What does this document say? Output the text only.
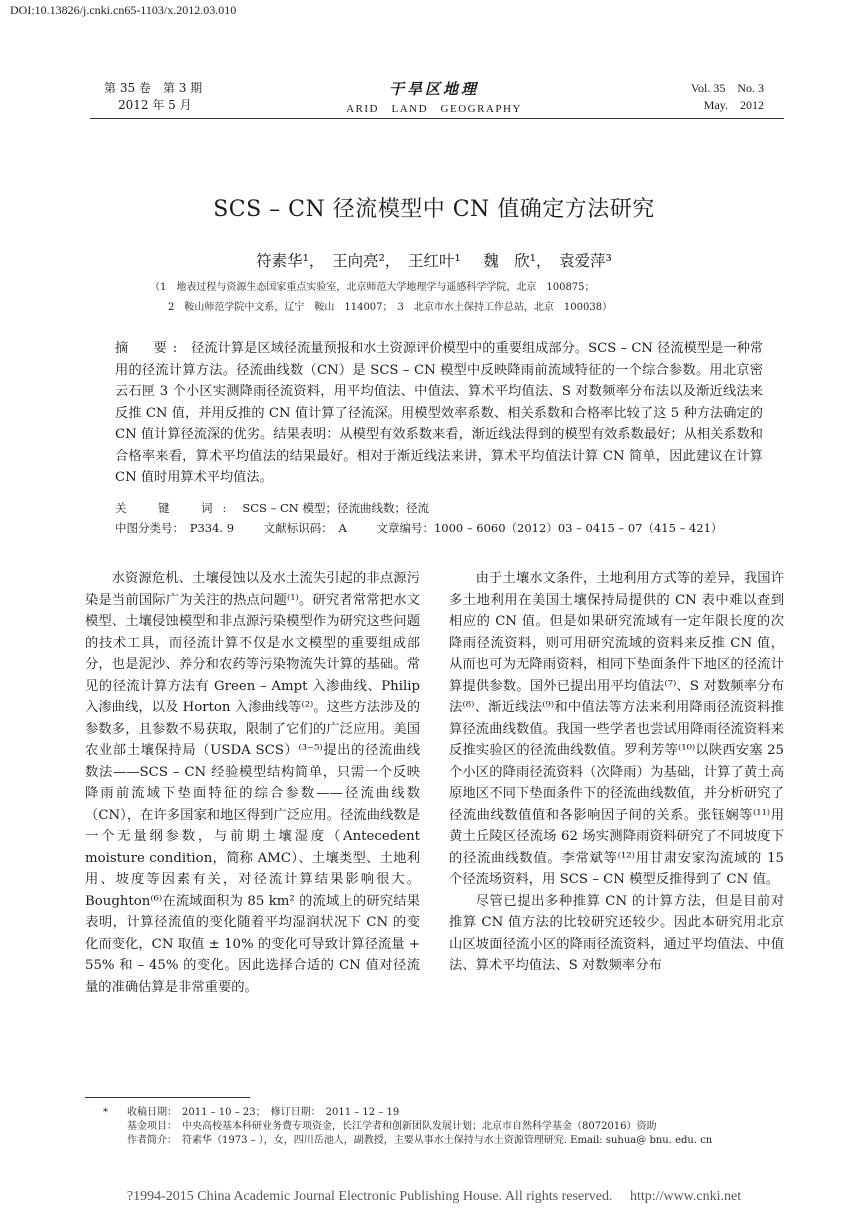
DOI:10.13826/j.cnki.cn65-1103/x.2012.03.010
第 35 卷　第 3 期
2012 年 5 月
干旱区地理
ARID　LAND　GEOGRAPHY
Vol. 35　No. 3
May.　2012
SCS – CN 径流模型中 CN 值确定方法研究
符素华¹，　王向亮²，　王红叶¹　 魏　欣¹，　袁爱萍³
（1　地表过程与资源生态国家重点实验室，北京师范大学地理学与遥感科学学院，北京　100875；
2　鞍山师范学院中文系，辽宁　鞍山　114007；　3　北京市水土保持工作总站，北京　100038）
摘　要: 径流计算是区域径流量预报和水土资源评价模型中的重要组成部分。SCS – CN 径流模型是一种常用的径流计算方法。径流曲线数（CN）是 SCS – CN 模型中反映降雨前流域特征的一个综合参数。用北京密云石匣 3 个小区实测降雨径流资料，用平均值法、中值法、算术平均值法、S 对数频率分布法以及渐近线法来反推 CN 值，并用反推的 CN 值计算了径流深。用模型效率系数、相关系数和合格率比较了这 5 种方法确定的 CN 值计算径流深的优劣。结果表明：从模型有效系数来看，渐近线法得到的模型有效系数最好；从相关系数和合格率来看，算术平均值法的结果最好。相对于渐近线法来讲，算术平均值法计算 CN 简单，因此建议在计算 CN 值时用算术平均值法。
关　键　词: SCS – CN 模型；径流曲线数；径流
中图分类号：　P334. 9	文献标识码：　A	文章编号：1000 – 6060（2012）03 – 0415 – 07（415 – 421）

水资源危机、土壤侵蚀以及水土流失引起的非点源污染是当前国际广为关注的热点问题⁽¹⁾。研究者常常把水文模型、土壤侵蚀模型和非点源污染模型作为研究这些问题的技术工具，而径流计算不仅是水文模型的重要组成部分，也是泥沙、养分和农药等污染物流失计算的基础。常见的径流计算方法有 Green – Ampt 入渗曲线、Philip 入渗曲线，以及 Horton 入渗曲线等⁽²⁾。这些方法涉及的参数多，且参数不易获取，限制了它们的广泛应用。美国农业部土壤保持局（USDA SCS）⁽³⁻⁵⁾提出的径流曲线数法——SCS – CN 经验模型结构简单，只需一个反映降雨前流域下垫面特征的综合参数——径流曲线数（CN），在许多国家和地区得到广泛应用。径流曲线数是一个无量纲参数，与前期土壤湿度（Antecedent moisture condition，简称 AMC）、土壤类型、土地利用、坡度等因素有关，对径流计算结果影响很大。Boughton⁽⁶⁾在流域面积为 85 km² 的流域上的研究结果表明，计算径流值的变化随着平均湿润状况下 CN 的变化而变化，CN 取值 ± 10% 的变化可导致计算径流量 + 55% 和 – 45% 的变化。因此选择合适的 CN 值对径流量的准确估算是非常重要的。

由于土壤水文条件，土地利用方式等的差异，我国许多土地利用在美国土壤保持局提供的 CN 表中难以查到相应的 CN 值。但是如果研究流域有一定年限长度的次降雨径流资料，则可用研究流域的资料来反推 CN 值，从而也可为无降雨资料，相同下垫面条件下地区的径流计算提供参数。国外已提出用平均值法⁽⁷⁾、S 对数频率分布法⁽⁸⁾、渐近线法⁽⁹⁾和中值法等方法来利用降雨径流资料推算径流曲线数值。我国一些学者也尝试用降雨径流资料来反推实验区的径流曲线数值。罗利芳等⁽¹⁰⁾以陕西安塞 25 个小区的降雨径流资料（次降雨）为基础，计算了黄土高原地区不同下垫面条件下的径流曲线数值，并分析研究了径流曲线数值值和各影响因子间的关系。张钰娴等⁽¹¹⁾用黄土丘陵区径流场 62 场实测降雨资料研究了不同坡度下的径流曲线数值。李常斌等⁽¹²⁾用甘肃安家沟流域的 15 个径流场资料，用 SCS – CN 模型反推得到了 CN 值。

尽管已提出多种推算 CN 的计算方法，但是目前对推算 CN 值方法的比较研究还较少。因此本研究用北京山区坡面径流小区的降雨径流资料，通过平均值法、中值法、算术平均值法、S 对数频率分布

*	收稿日期：　2011 – 10 – 23；　修订日期：　2011 – 12 – 19
基金项目：　中央高校基本科研业务费专项资金，长江学者和创新团队发展计划；北京市自然科学基金（8072016）资助
作者简介：　符素华（1973 – ），女，四川岳池人，副教授，主要从事水土保持与水土资源管理研究. Email: suhua@ bnu. edu. cn
?1994-2015 China Academic Journal Electronic Publishing House. All rights reserved.　 http://www.cnki.net
